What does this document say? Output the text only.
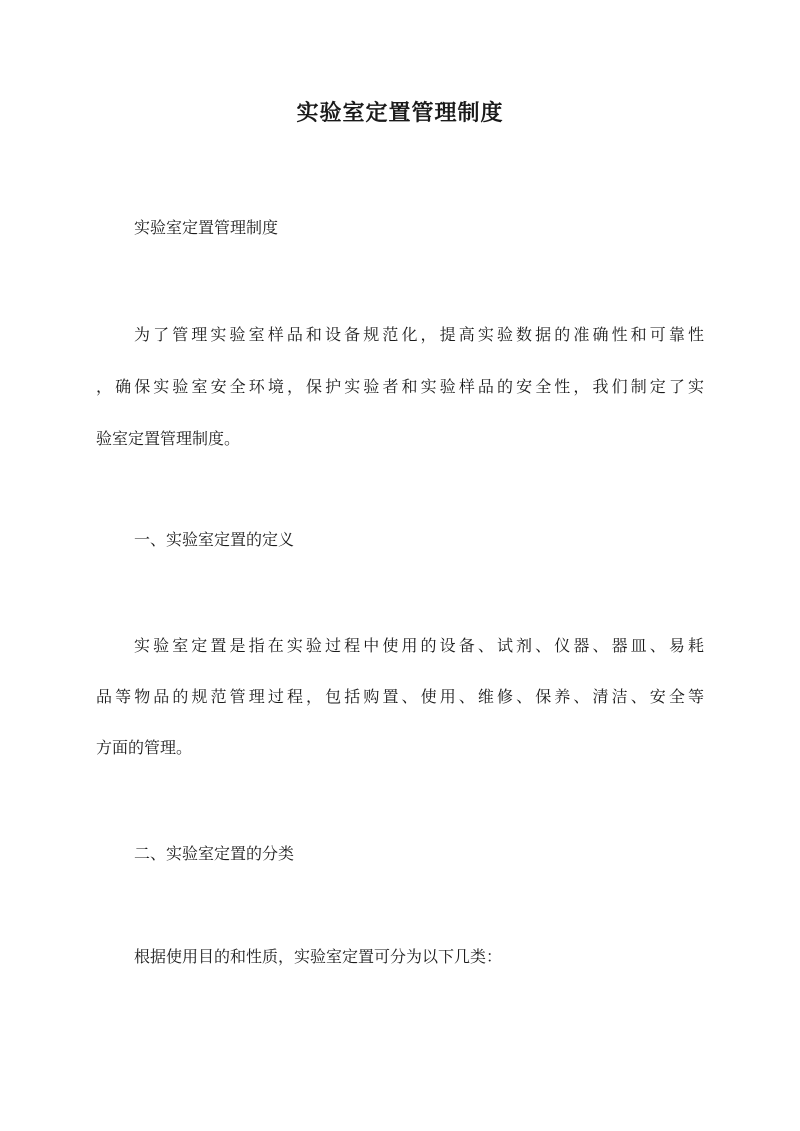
实验室定置管理制度
实验室定置管理制度
为了管理实验室样品和设备规范化，提高实验数据的准确性和可靠性
，确保实验室安全环境，保护实验者和实验样品的安全性，我们制定了实
验室定置管理制度。
一、实验室定置的定义
实验室定置是指在实验过程中使用的设备、试剂、仪器、器皿、易耗
品等物品的规范管理过程，包括购置、使用、维修、保养、清洁、安全等
方面的管理。
二、实验室定置的分类
根据使用目的和性质，实验室定置可分为以下几类：
